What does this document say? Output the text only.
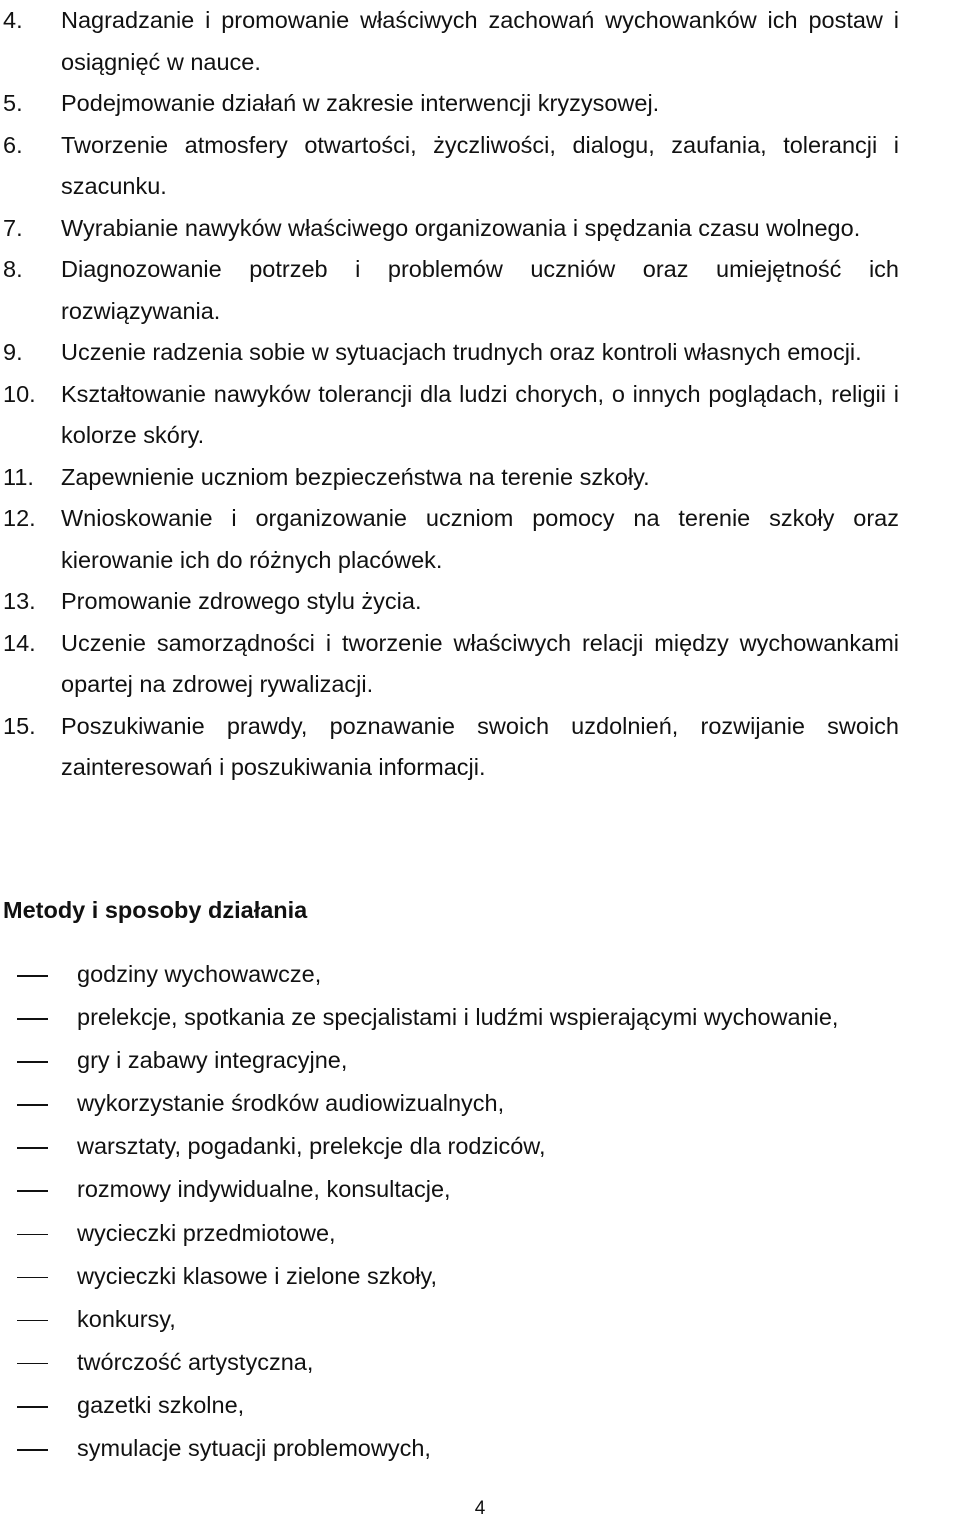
4. Nagradzanie i promowanie właściwych zachowań wychowanków ich postaw i osiągnięć w nauce.
5. Podejmowanie działań w zakresie interwencji kryzysowej.
6. Tworzenie atmosfery otwartości, życzliwości, dialogu, zaufania, tolerancji i szacunku.
7. Wyrabianie nawyków właściwego organizowania i spędzania czasu wolnego.
8. Diagnozowanie potrzeb i problemów uczniów oraz umiejętność ich rozwiązywania.
9. Uczenie radzenia sobie w sytuacjach trudnych oraz kontroli własnych emocji.
10. Kształtowanie nawyków tolerancji dla ludzi chorych, o innych poglądach, religii i kolorze skóry.
11. Zapewnienie uczniom bezpieczeństwa na terenie szkoły.
12. Wnioskowanie i organizowanie uczniom pomocy na terenie szkoły oraz kierowanie ich do różnych placówek.
13. Promowanie zdrowego stylu życia.
14. Uczenie samorządności i tworzenie właściwych relacji między wychowankami opartej na zdrowej rywalizacji.
15. Poszukiwanie prawdy, poznawanie swoich uzdolnień, rozwijanie swoich zainteresowań i poszukiwania informacji.
Metody i sposoby działania
godziny wychowawcze,
prelekcje, spotkania ze specjalistami i ludźmi wspierającymi wychowanie,
gry i zabawy integracyjne,
wykorzystanie środków audiowizualnych,
warsztaty, pogadanki, prelekcje dla rodziców,
rozmowy indywidualne, konsultacje,
wycieczki przedmiotowe,
wycieczki klasowe i zielone szkoły,
konkursy,
twórczość artystyczna,
gazetki szkolne,
symulacje sytuacji problemowych,
4
